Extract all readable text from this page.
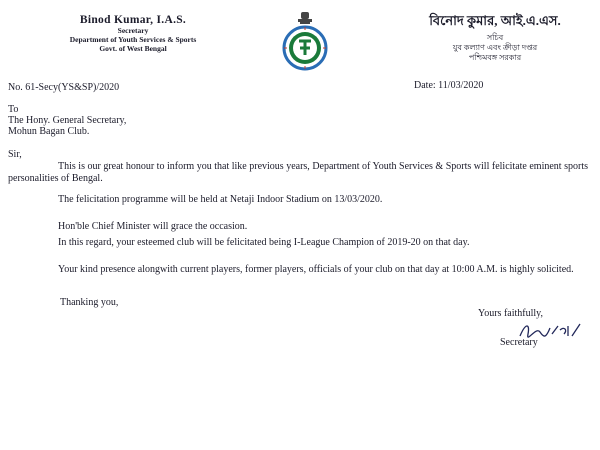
Binod Kumar, I.A.S.
Secretary
Department of Youth Services & Sports
Govt. of West Bengal
বিনোদ কুমার, আই.এ.এস.
সচিব
যুব কল্যাণ এবং ক্রীড়া দপ্তর
পশ্চিমবঙ্গ সরকার
No. 61-Secy(YS&SP)/2020	Date: 11/03/2020
To
The Hony. General Secretary,
Mohun Bagan Club.
Sir,
This is our great honour to inform you that like previous years, Department of Youth Services & Sports will felicitate eminent sports personalities of Bengal.
The felicitation programme will be held at Netaji Indoor Stadium on 13/03/2020.
Hon'ble Chief Minister will grace the occasion.
In this regard, your esteemed club will be felicitated being I-League Champion of 2019-20 on that day.
Your kind presence alongwith current players, former players, officials of your club on that day at 10:00 A.M. is highly solicited.
Thanking you,
Yours faithfully,
Secretary
